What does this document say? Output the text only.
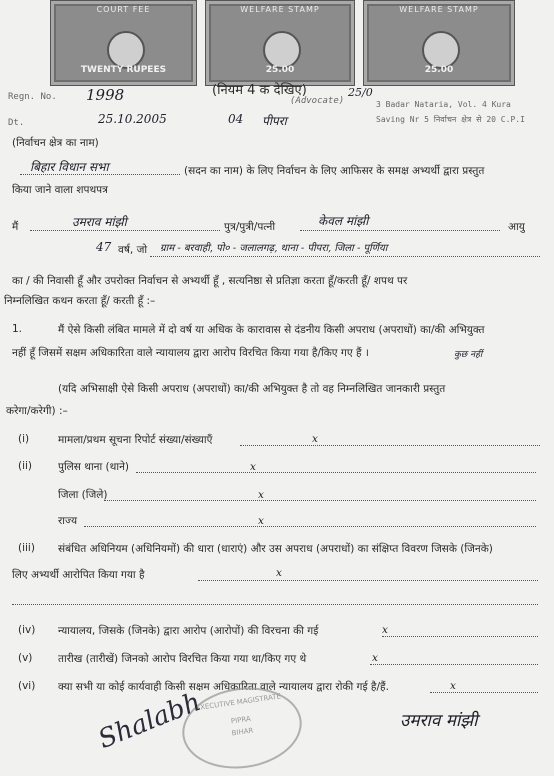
COURT FEE
TWENTY RUPEES
WELFARE STAMP
25.00
WELFARE STAMP
25.00
(नियम 4 क देखिए)
Regn. No. 1998
Dt.	25.10.2005
(Advocate)
25/0
04 पीपरा
3 Badar Nataria, Vol. 4 Kura
Saving Nr 5 निर्वाचन क्षेत्र से 20 C.P.I
(निर्वाचन क्षेत्र का नाम)
बिहार विधान सभा	(सदन का नाम) के लिए निर्वाचन के लिए आफिसर के समक्ष अभ्यर्थी द्वारा प्रस्तुत
किया जाने वाला शपथपत्र
मैं	उमराव मांझी	पुत्र/पुत्री/पत्नी	केवल मांझी	आयु
47 वर्ष, जो ग्राम - बरवाही, पो० - जलालगढ़, थाना - पीपरा, जिला - पूर्णिया
का / की निवासी हूँ और उपरोक्त निर्वाचन से अभ्यर्थी हूँ , सत्यनिष्ठा से प्रतिज्ञा करता हूँ/करती हूँ/ शपथ पर
निम्नलिखित कथन करता हूँ/ करती हूँ :–
1.	मैं ऐसे किसी लंबित मामले में दो वर्ष या अधिक के कारावास से दंडनीय किसी अपराध (अपराधों) का/की अभियुक्त
नहीं हूँ जिसमें सक्षम अधिकारिता वाले न्यायालय द्वारा आरोप विरचित किया गया है/किए गए हैं ।	कुछ नहीं
(यदि अभिसाक्षी ऐसे किसी अपराध (अपराधों) का/की अभियुक्त है तो वह निम्नलिखित जानकारी प्रस्तुत
करेगा/करेगी) :–
(i)	मामला/प्रथम सूचना रिपोर्ट संख्या/संख्याएँ	x
(ii) पुलिस थाना (थाने)	x
जिला (जिले)	x
राज्य	x
(iii) संबंधित अधिनियम (अधिनियमों) की धारा (धाराएं) और उस अपराध (अपराधों) का संक्षिप्त विवरण जिसके (जिनके)
लिए अभ्यर्थी आरोपित किया गया है	x
(iv) न्यायालय, जिसके (जिनके) द्वारा आरोप (आरोपों) की विरचना की गई	x
(v) तारीख (तारीखें) जिनको आरोप विरचित किया गया था/किए गए थे	x
(vi) क्या सभी या कोई कार्यवाही किसी सक्षम अधिकारिता वाले न्यायालय द्वारा रोकी गई है/हैं.	x
EXECUTIVE MAGISTRATE
PIPRA
BIHAR
Shalabh	उमराव मांझी
